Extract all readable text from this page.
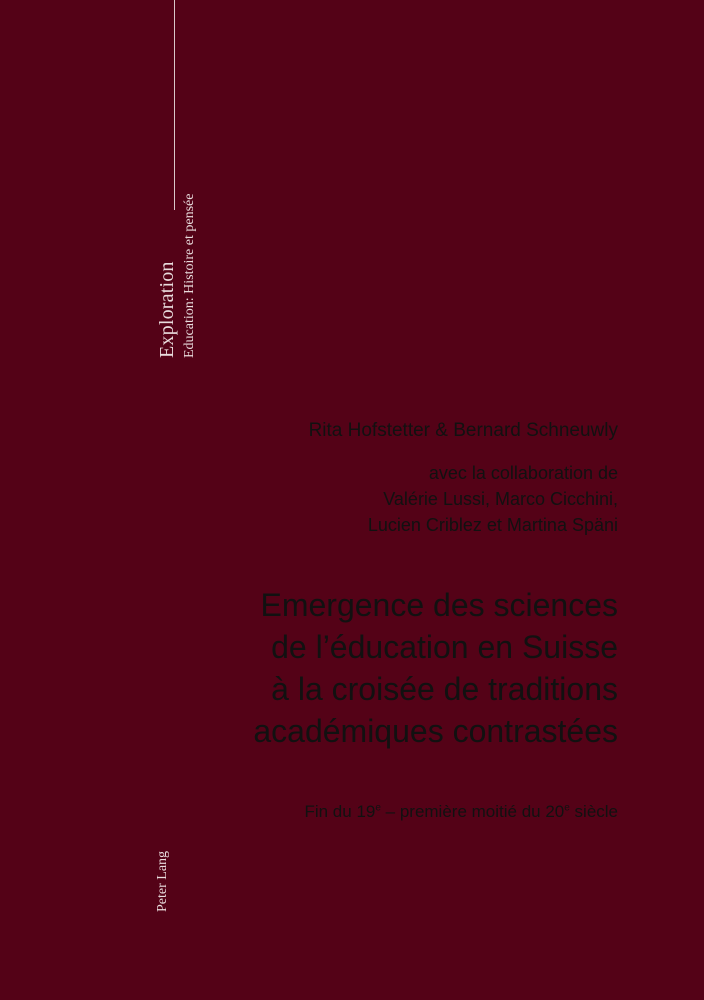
Exploration Education: Histoire et pensée
Peter Lang
Rita Hofstetter & Bernard Schneuwly
avec la collaboration de
Valérie Lussi, Marco Cicchini,
Lucien Criblez et Martina Späni
Emergence des sciences
de l’éducation en Suisse
à la croisée de traditions
académiques contrastées
Fin du 19e – première moitié du 20e siècle
